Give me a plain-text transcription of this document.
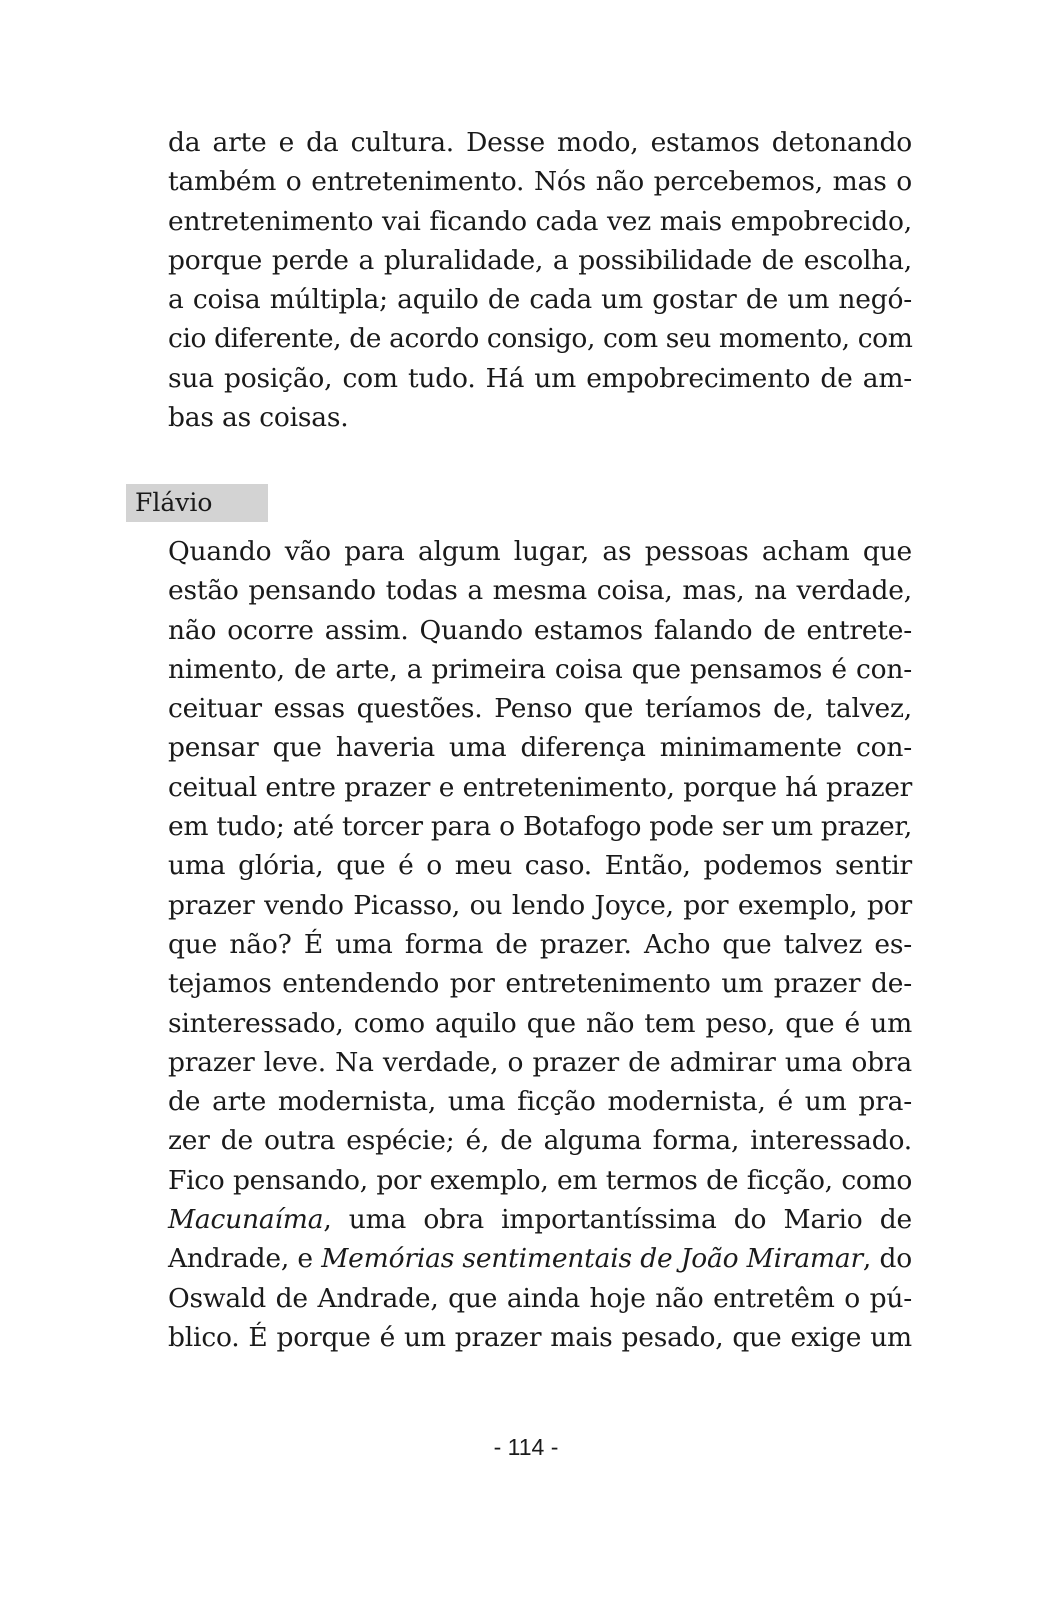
da arte e da cultura. Desse modo, estamos detonando
também o entretenimento. Nós não percebemos, mas o
entretenimento vai ficando cada vez mais empobrecido,
porque perde a pluralidade, a possibilidade de escolha,
a coisa múltipla; aquilo de cada um gostar de um negó-
cio diferente, de acordo consigo, com seu momento, com
sua posição, com tudo. Há um empobrecimento de am-
bas as coisas.
Flávio
Quando vão para algum lugar, as pessoas acham que
estão pensando todas a mesma coisa, mas, na verdade,
não ocorre assim. Quando estamos falando de entrete-
nimento, de arte, a primeira coisa que pensamos é con-
ceituar essas questões. Penso que teríamos de, talvez,
pensar que haveria uma diferença minimamente con-
ceitual entre prazer e entretenimento, porque há prazer
em tudo; até torcer para o Botafogo pode ser um prazer,
uma glória, que é o meu caso. Então, podemos sentir
prazer vendo Picasso, ou lendo Joyce, por exemplo, por
que não? É uma forma de prazer. Acho que talvez es-
tejamos entendendo por entretenimento um prazer de-
sinteressado, como aquilo que não tem peso, que é um
prazer leve. Na verdade, o prazer de admirar uma obra
de arte modernista, uma ficção modernista, é um pra-
zer de outra espécie; é, de alguma forma, interessado.
Fico pensando, por exemplo, em termos de ficção, como
Macunaíma, uma obra importantíssima do Mario de
Andrade, e Memórias sentimentais de João Miramar, do
Oswald de Andrade, que ainda hoje não entretêm o pú-
blico. É porque é um prazer mais pesado, que exige um
- 114 -
